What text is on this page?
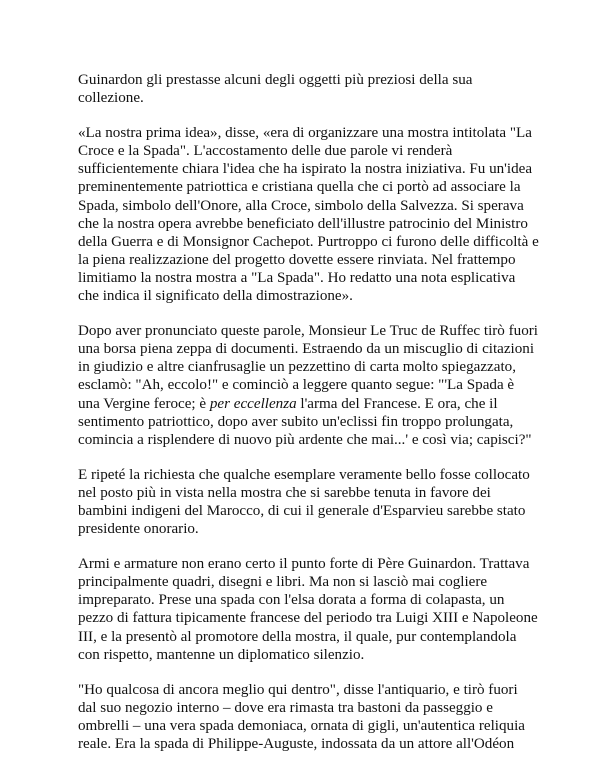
Guinardon gli prestasse alcuni degli oggetti più preziosi della sua
collezione.

«La nostra prima idea», disse, «era di organizzare una mostra intitolata "La
Croce e la Spada". L'accostamento delle due parole vi renderà
sufficientemente chiara l'idea che ha ispirato la nostra iniziativa. Fu un'idea
preminentemente patriottica e cristiana quella che ci portò ad associare la
Spada, simbolo dell'Onore, alla Croce, simbolo della Salvezza. Si sperava
che la nostra opera avrebbe beneficiato dell'illustre patrocinio del Ministro
della Guerra e di Monsignor Cachepot. Purtroppo ci furono delle difficoltà e
la piena realizzazione del progetto dovette essere rinviata. Nel frattempo
limitiamo la nostra mostra a "La Spada". Ho redatto una nota esplicativa
che indica il significato della dimostrazione».

Dopo aver pronunciato queste parole, Monsieur Le Truc de Ruffec tirò fuori
una borsa piena zeppa di documenti. Estraendo da un miscuglio di citazioni
in giudizio e altre cianfrusaglie un pezzettino di carta molto spiegazzato,
esclamò: "Ah, eccolo!" e cominciò a leggere quanto segue: "'La Spada è
una Vergine feroce; è per eccellenza l'arma del Francese. E ora, che il
sentimento patriottico, dopo aver subito un'eclissi fin troppo prolungata,
comincia a risplendere di nuovo più ardente che mai...' e così via; capisci?"

E ripeté la richiesta che qualche esemplare veramente bello fosse collocato
nel posto più in vista nella mostra che si sarebbe tenuta in favore dei
bambini indigeni del Marocco, di cui il generale d'Esparvieu sarebbe stato
presidente onorario.

Armi e armature non erano certo il punto forte di Père Guinardon. Trattava
principalmente quadri, disegni e libri. Ma non si lasciò mai cogliere
impreparato. Prese una spada con l'elsa dorata a forma di colapasta, un
pezzo di fattura tipicamente francese del periodo tra Luigi XIII e Napoleone
III, e la presentò al promotore della mostra, il quale, pur contemplandola
con rispetto, mantenne un diplomatico silenzio.

"Ho qualcosa di ancora meglio qui dentro", disse l'antiquario, e tirò fuori
dal suo negozio interno – dove era rimasta tra bastoni da passeggio e
ombrelli – una vera spada demoniaca, ornata di gigli, un'autentica reliquia
reale. Era la spada di Philippe-Auguste, indossata da un attore all'Odéon
